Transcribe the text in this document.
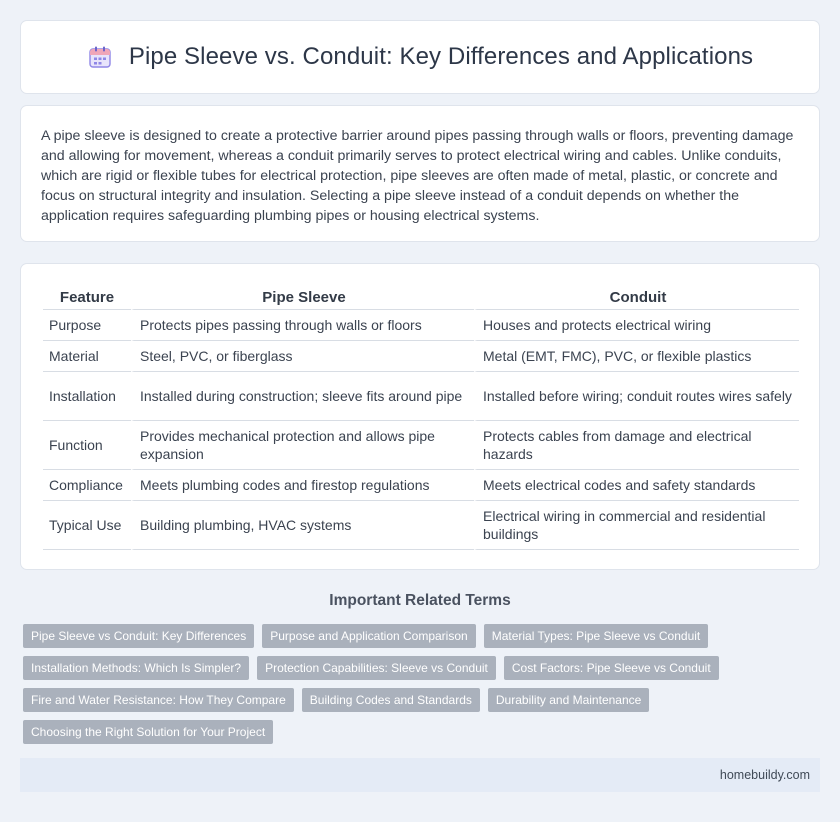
Pipe Sleeve vs. Conduit: Key Differences and Applications

A pipe sleeve is designed to create a protective barrier around pipes passing through walls or floors, preventing damage and allowing for movement, whereas a conduit primarily serves to protect electrical wiring and cables. Unlike conduits, which are rigid or flexible tubes for electrical protection, pipe sleeves are often made of metal, plastic, or concrete and focus on structural integrity and insulation. Selecting a pipe sleeve instead of a conduit depends on whether the application requires safeguarding plumbing pipes or housing electrical systems.

Feature	Pipe Sleeve	Conduit
Purpose	Protects pipes passing through walls or floors	Houses and protects electrical wiring
Material	Steel, PVC, or fiberglass	Metal (EMT, FMC), PVC, or flexible plastics
Installation	Installed during construction; sleeve fits around pipe	Installed before wiring; conduit routes wires safely
Function	Provides mechanical protection and allows pipe expansion	Protects cables from damage and electrical hazards
Compliance	Meets plumbing codes and firestop regulations	Meets electrical codes and safety standards
Typical Use	Building plumbing, HVAC systems	Electrical wiring in commercial and residential buildings
Important Related Terms
Pipe Sleeve vs Conduit: Key Differences	Purpose and Application Comparison	Material Types: Pipe Sleeve vs Conduit
Installation Methods: Which Is Simpler?	Protection Capabilities: Sleeve vs Conduit	Cost Factors: Pipe Sleeve vs Conduit
Fire and Water Resistance: How They Compare	Building Codes and Standards	Durability and Maintenance
Choosing the Right Solution for Your Project
homebuildy.com
